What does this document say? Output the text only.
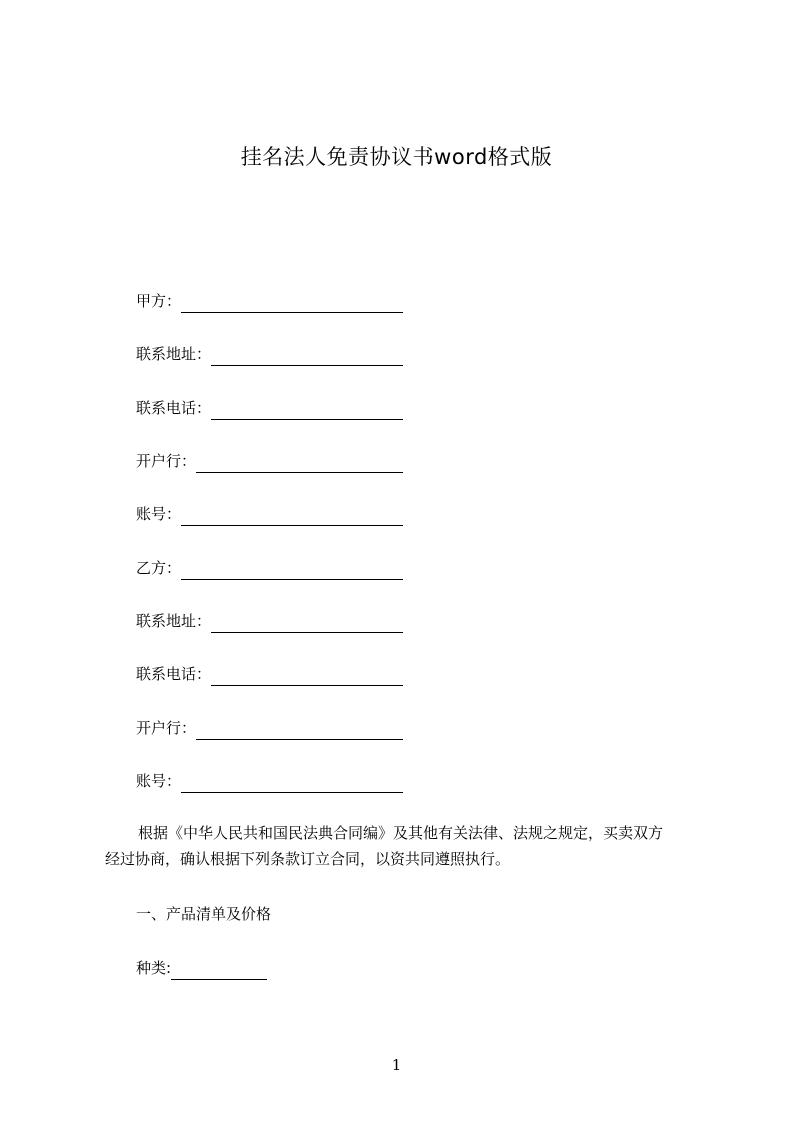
挂名法人免责协议书word格式版
甲方：
联系地址：
联系电话：
开户行：
账号：
乙方：
联系地址：
联系电话：
开户行：
账号：
根据《中华人民共和国民法典合同编》及其他有关法律、法规之规定，买卖双方
经过协商，确认根据下列条款订立合同，以资共同遵照执行。
一、产品清单及价格
种类:
1
